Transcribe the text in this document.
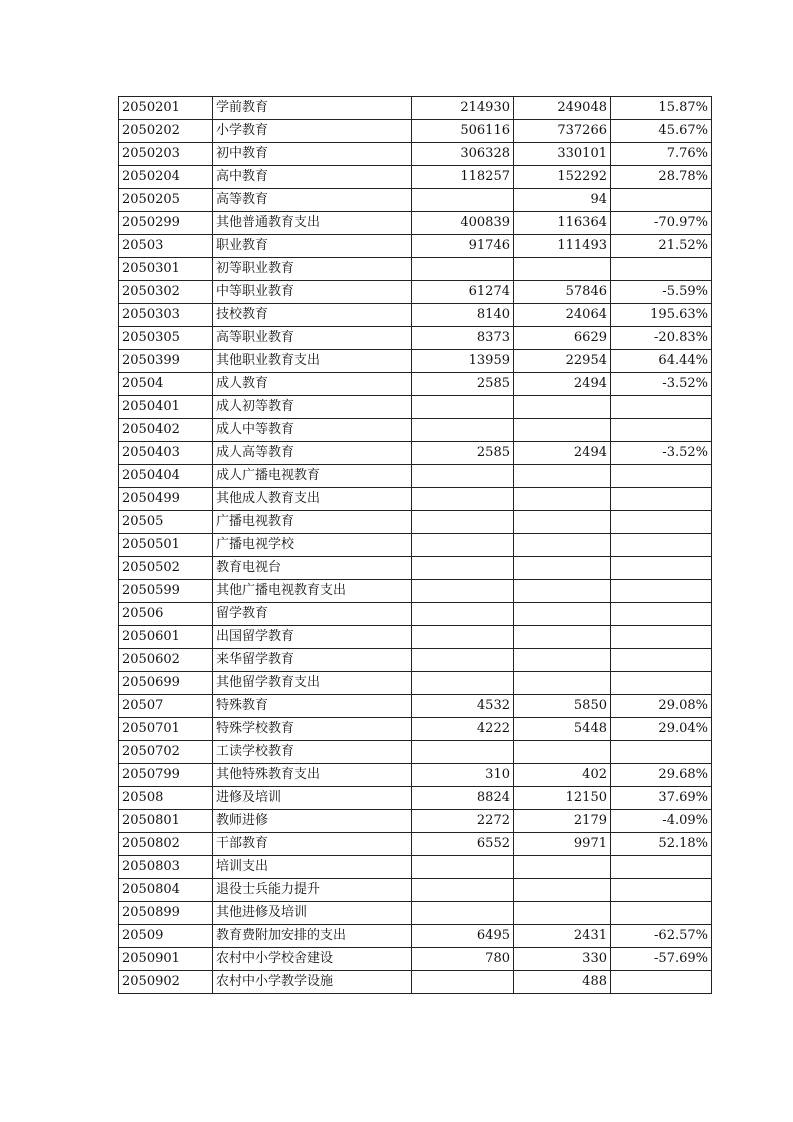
2050201	学前教育	214930	249048	15.87%
2050202	小学教育	506116	737266	45.67%
2050203	初中教育	306328	330101	7.76%
2050204	高中教育	118257	152292	28.78%
2050205	高等教育		94	
2050299	其他普通教育支出	400839	116364	-70.97%
20503	职业教育	91746	111493	21.52%
2050301	初等职业教育			
2050302	中等职业教育	61274	57846	-5.59%
2050303	技校教育	8140	24064	195.63%
2050305	高等职业教育	8373	6629	-20.83%
2050399	其他职业教育支出	13959	22954	64.44%
20504	成人教育	2585	2494	-3.52%
2050401	成人初等教育			
2050402	成人中等教育			
2050403	成人高等教育	2585	2494	-3.52%
2050404	成人广播电视教育			
2050499	其他成人教育支出			
20505	广播电视教育			
2050501	广播电视学校			
2050502	教育电视台			
2050599	其他广播电视教育支出			
20506	留学教育			
2050601	出国留学教育			
2050602	来华留学教育			
2050699	其他留学教育支出			
20507	特殊教育	4532	5850	29.08%
2050701	特殊学校教育	4222	5448	29.04%
2050702	工读学校教育			
2050799	其他特殊教育支出	310	402	29.68%
20508	进修及培训	8824	12150	37.69%
2050801	教师进修	2272	2179	-4.09%
2050802	干部教育	6552	9971	52.18%
2050803	培训支出			
2050804	退役士兵能力提升			
2050899	其他进修及培训			
20509	教育费附加安排的支出	6495	2431	-62.57%
2050901	农村中小学校舍建设	780	330	-57.69%
2050902	农村中小学教学设施		488	
